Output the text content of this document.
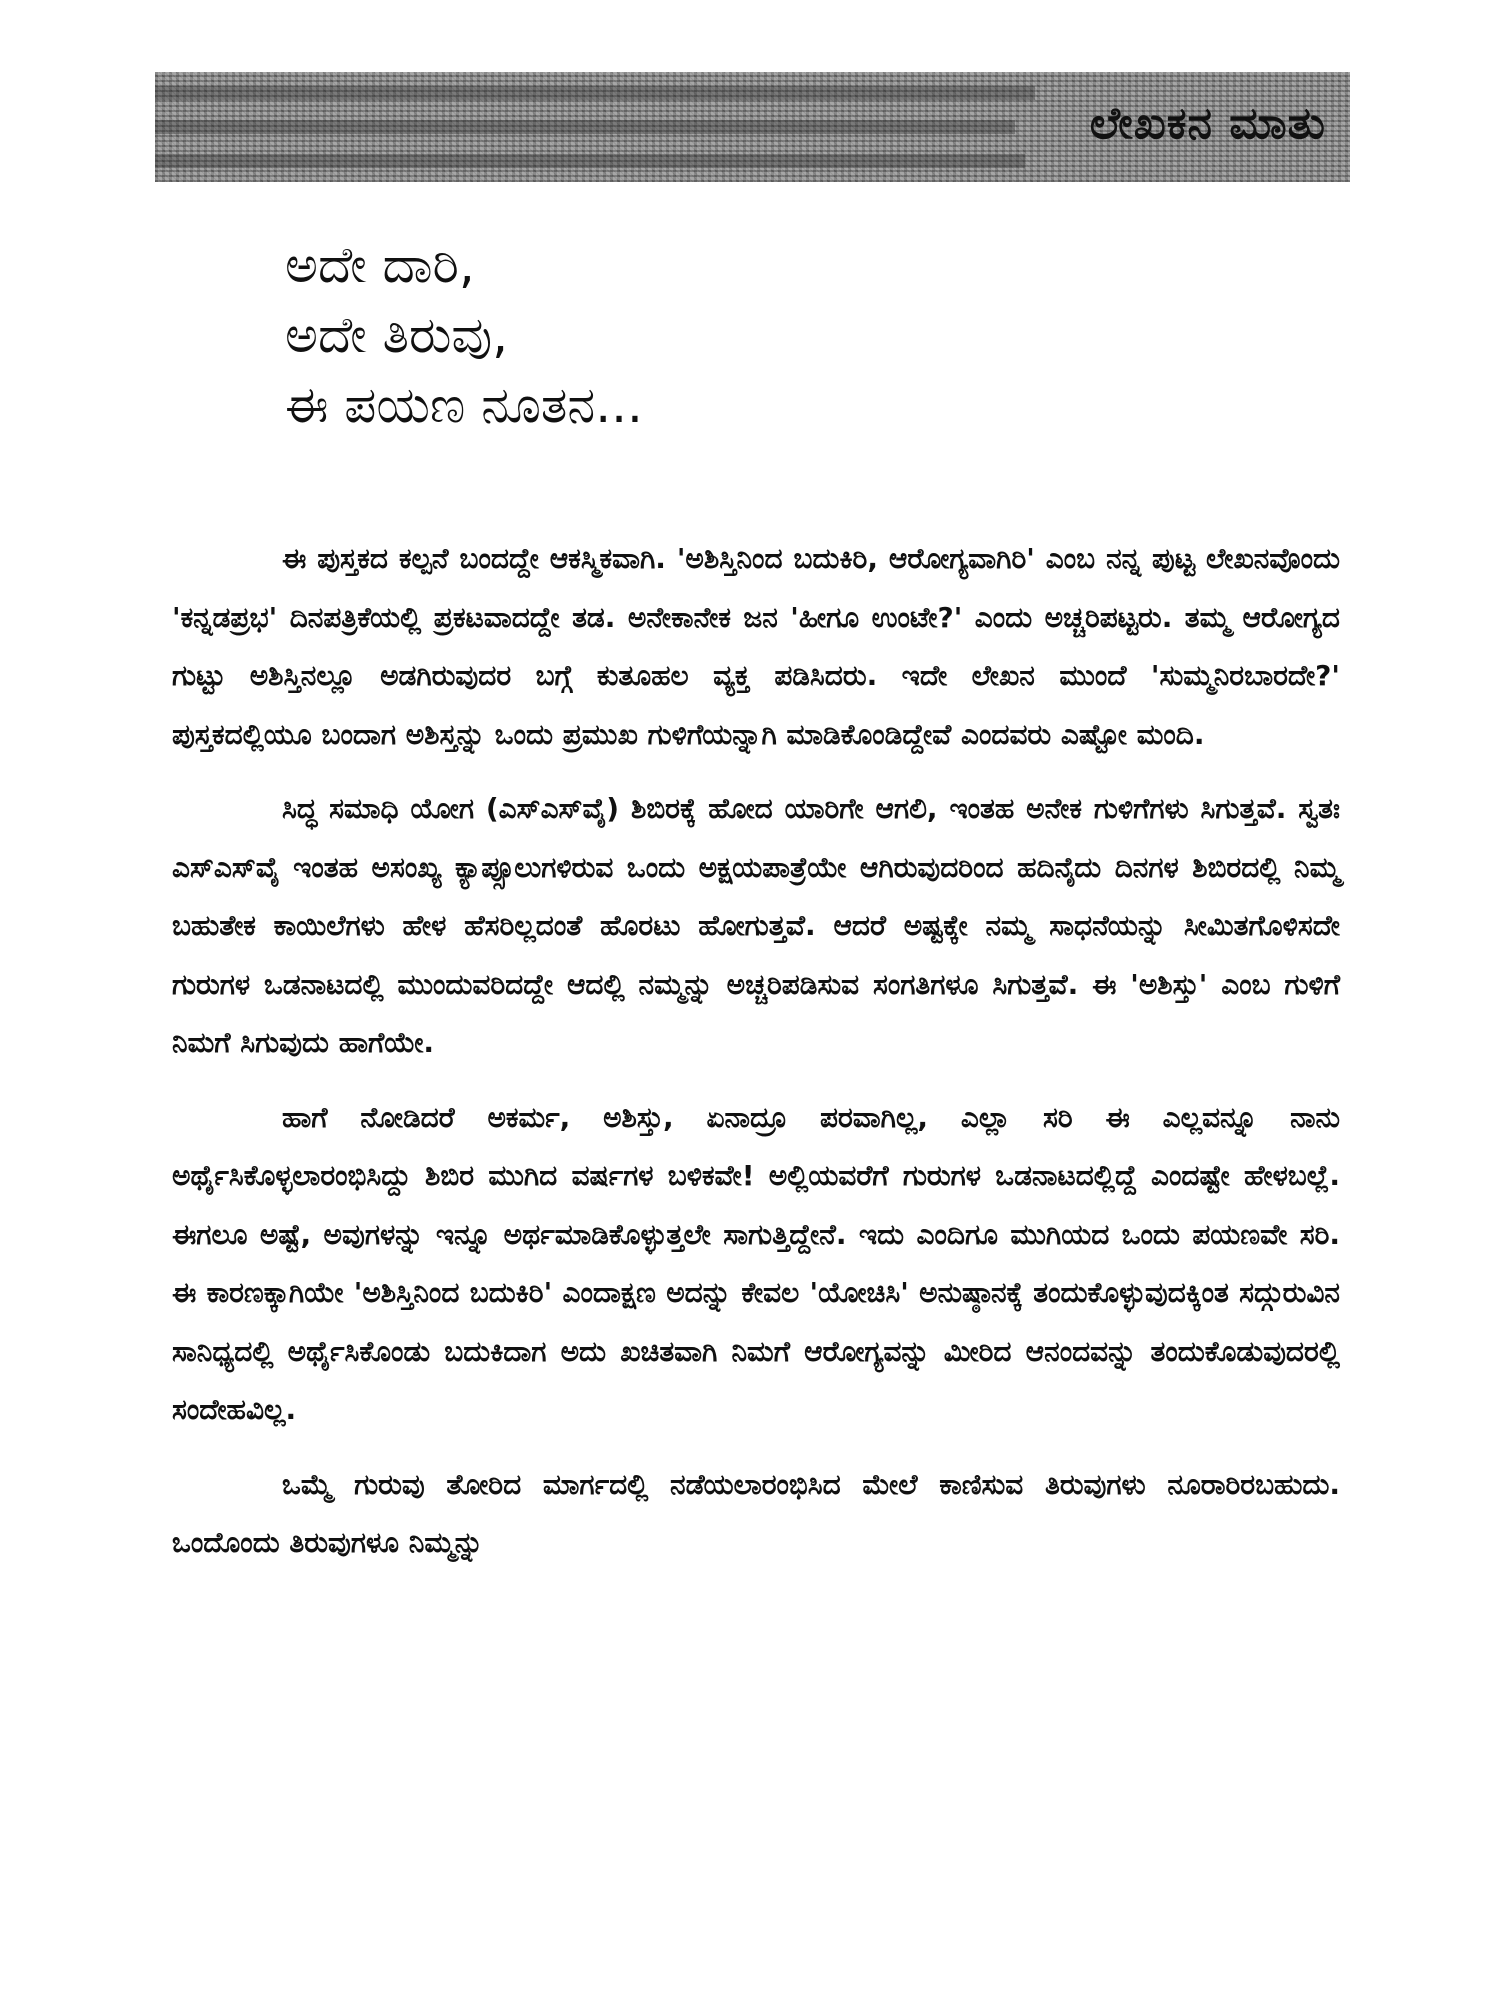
ಲೇಖಕನ ಮಾತು
ಅದೇ ದಾರಿ,
ಅದೇ ತಿರುವು,
ಈ ಪಯಣ ನೂತನ...

ಈ ಪುಸ್ತಕದ ಕಲ್ಪನೆ ಬಂದದ್ದೇ ಆಕಸ್ಮಿಕವಾಗಿ. 'ಅಶಿಸ್ತಿನಿಂದ ಬದುಕಿರಿ, ಆರೋಗ್ಯವಾಗಿರಿ' ಎಂಬ ನನ್ನ ಪುಟ್ಟ ಲೇಖನವೊಂದು 'ಕನ್ನಡಪ್ರಭ' ದಿನಪತ್ರಿಕೆಯಲ್ಲಿ ಪ್ರಕಟವಾದದ್ದೇ ತಡ. ಅನೇಕಾನೇಕ ಜನ 'ಹೀಗೂ ಉಂಟೇ?' ಎಂದು ಅಚ್ಚರಿಪಟ್ಟರು. ತಮ್ಮ ಆರೋಗ್ಯದ ಗುಟ್ಟು ಅಶಿಸ್ತಿನಲ್ಲೂ ಅಡಗಿರುವುದರ ಬಗ್ಗೆ ಕುತೂಹಲ ವ್ಯಕ್ತ ಪಡಿಸಿದರು. ಇದೇ ಲೇಖನ ಮುಂದೆ 'ಸುಮ್ಮನಿರಬಾರದೇ?' ಪುಸ್ತಕದಲ್ಲಿಯೂ ಬಂದಾಗ ಅಶಿಸ್ತನ್ನು ಒಂದು ಪ್ರಮುಖ ಗುಳಿಗೆಯನ್ನಾಗಿ ಮಾಡಿಕೊಂಡಿದ್ದೇವೆ ಎಂದವರು ಎಷ್ಟೋ ಮಂದಿ.

ಸಿದ್ಧ ಸಮಾಧಿ ಯೋಗ (ಎಸ್‌ಎಸ್‌ವೈ) ಶಿಬಿರಕ್ಕೆ ಹೋದ ಯಾರಿಗೇ ಆಗಲಿ, ಇಂತಹ ಅನೇಕ ಗುಳಿಗೆಗಳು ಸಿಗುತ್ತವೆ. ಸ್ವತಃ ಎಸ್‌ಎಸ್‌ವೈ ಇಂತಹ ಅಸಂಖ್ಯ ಕ್ಯಾಪ್ಸೂಲುಗಳಿರುವ ಒಂದು ಅಕ್ಷಯಪಾತ್ರೆಯೇ ಆಗಿರುವುದರಿಂದ ಹದಿನೈದು ದಿನಗಳ ಶಿಬಿರದಲ್ಲಿ ನಿಮ್ಮ ಬಹುತೇಕ ಕಾಯಿಲೆಗಳು ಹೇಳ ಹೆಸರಿಲ್ಲದಂತೆ ಹೊರಟು ಹೋಗುತ್ತವೆ. ಆದರೆ ಅಷ್ಟಕ್ಕೇ ನಮ್ಮ ಸಾಧನೆಯನ್ನು ಸೀಮಿತಗೊಳಿಸದೇ ಗುರುಗಳ ಒಡನಾಟದಲ್ಲಿ ಮುಂದುವರಿದದ್ದೇ ಆದಲ್ಲಿ ನಮ್ಮನ್ನು ಅಚ್ಚರಿಪಡಿಸುವ ಸಂಗತಿಗಳೂ ಸಿಗುತ್ತವೆ. ಈ 'ಅಶಿಸ್ತು' ಎಂಬ ಗುಳಿಗೆ ನಿಮಗೆ ಸಿಗುವುದು ಹಾಗೆಯೇ.

ಹಾಗೆ ನೋಡಿದರೆ ಅಕರ್ಮ, ಅಶಿಸ್ತು, ಏನಾದ್ರೂ ಪರವಾಗಿಲ್ಲ, ಎಲ್ಲಾ ಸರಿ ಈ ಎಲ್ಲವನ್ನೂ ನಾನು ಅರ್ಥೈಸಿಕೊಳ್ಳಲಾರಂಭಿಸಿದ್ದು ಶಿಬಿರ ಮುಗಿದ ವರ್ಷಗಳ ಬಳಿಕವೇ! ಅಲ್ಲಿಯವರೆಗೆ ಗುರುಗಳ ಒಡನಾಟದಲ್ಲಿದ್ದೆ ಎಂದಷ್ಟೇ ಹೇಳಬಲ್ಲೆ. ಈಗಲೂ ಅಷ್ಟೆ, ಅವುಗಳನ್ನು ಇನ್ನೂ ಅರ್ಥಮಾಡಿಕೊಳ್ಳುತ್ತಲೇ ಸಾಗುತ್ತಿದ್ದೇನೆ. ಇದು ಎಂದಿಗೂ ಮುಗಿಯದ ಒಂದು ಪಯಣವೇ ಸರಿ. ಈ ಕಾರಣಕ್ಕಾಗಿಯೇ 'ಅಶಿಸ್ತಿನಿಂದ ಬದುಕಿರಿ' ಎಂದಾಕ್ಷಣ ಅದನ್ನು ಕೇವಲ 'ಯೋಚಿಸಿ' ಅನುಷ್ಠಾನಕ್ಕೆ ತಂದುಕೊಳ್ಳುವುದಕ್ಕಿಂತ ಸದ್ಗುರುವಿನ ಸಾನಿಧ್ಯದಲ್ಲಿ ಅರ್ಥೈಸಿಕೊಂಡು ಬದುಕಿದಾಗ ಅದು ಖಚಿತವಾಗಿ ನಿಮಗೆ ಆರೋಗ್ಯವನ್ನು ಮೀರಿದ ಆನಂದವನ್ನು ತಂದುಕೊಡುವುದರಲ್ಲಿ ಸಂದೇಹವಿಲ್ಲ.

ಒಮ್ಮೆ ಗುರುವು ತೋರಿದ ಮಾರ್ಗದಲ್ಲಿ ನಡೆಯಲಾರಂಭಿಸಿದ ಮೇಲೆ ಕಾಣಿಸುವ ತಿರುವುಗಳು ನೂರಾರಿರಬಹುದು. ಒಂದೊಂದು ತಿರುವುಗಳೂ ನಿಮ್ಮನ್ನು
